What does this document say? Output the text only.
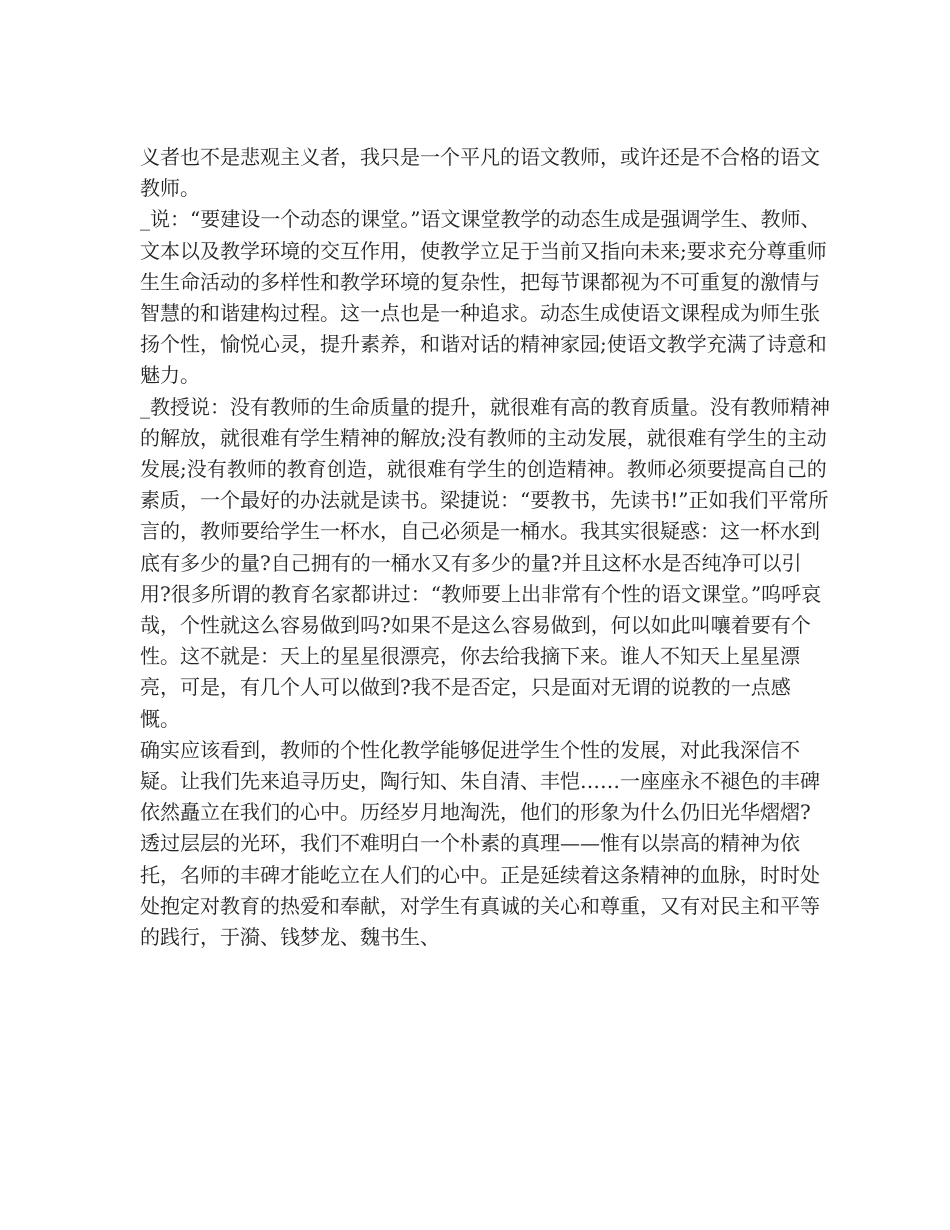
义者也不是悲观主义者，我只是一个平凡的语文教师，或许还是不合格的语文教师。

_说：“要建设一个动态的课堂。”语文课堂教学的动态生成是强调学生、教师、文本以及教学环境的交互作用，使教学立足于当前又指向未来;要求充分尊重师生生命活动的多样性和教学环境的复杂性，把每节课都视为不可重复的激情与智慧的和谐建构过程。这一点也是一种追求。动态生成使语文课程成为师生张扬个性，愉悦心灵，提升素养，和谐对话的精神家园;使语文教学充满了诗意和魅力。

_教授说：没有教师的生命质量的提升，就很难有高的教育质量。没有教师精神的解放，就很难有学生精神的解放;没有教师的主动发展，就很难有学生的主动发展;没有教师的教育创造，就很难有学生的创造精神。教师必须要提高自己的素质，一个最好的办法就是读书。梁捷说：“要教书，先读书!”正如我们平常所言的，教师要给学生一杯水，自己必须是一桶水。我其实很疑惑：这一杯水到底有多少的量?自己拥有的一桶水又有多少的量?并且这杯水是否纯净可以引用?很多所谓的教育名家都讲过：“教师要上出非常有个性的语文课堂。”呜呼哀哉，个性就这么容易做到吗?如果不是这么容易做到，何以如此叫嚷着要有个性。这不就是：天上的星星很漂亮，你去给我摘下来。谁人不知天上星星漂亮，可是，有几个人可以做到?我不是否定，只是面对无谓的说教的一点感慨。

确实应该看到，教师的个性化教学能够促进学生个性的发展，对此我深信不疑。让我们先来追寻历史，陶行知、朱自清、丰恺……一座座永不褪色的丰碑依然矗立在我们的心中。历经岁月地淘洗，他们的形象为什么仍旧光华熠熠?透过层层的光环，我们不难明白一个朴素的真理——惟有以崇高的精神为依托，名师的丰碑才能屹立在人们的心中。正是延续着这条精神的血脉，时时处处抱定对教育的热爱和奉献，对学生有真诚的关心和尊重，又有对民主和平等的践行，于漪、钱梦龙、魏书生、
